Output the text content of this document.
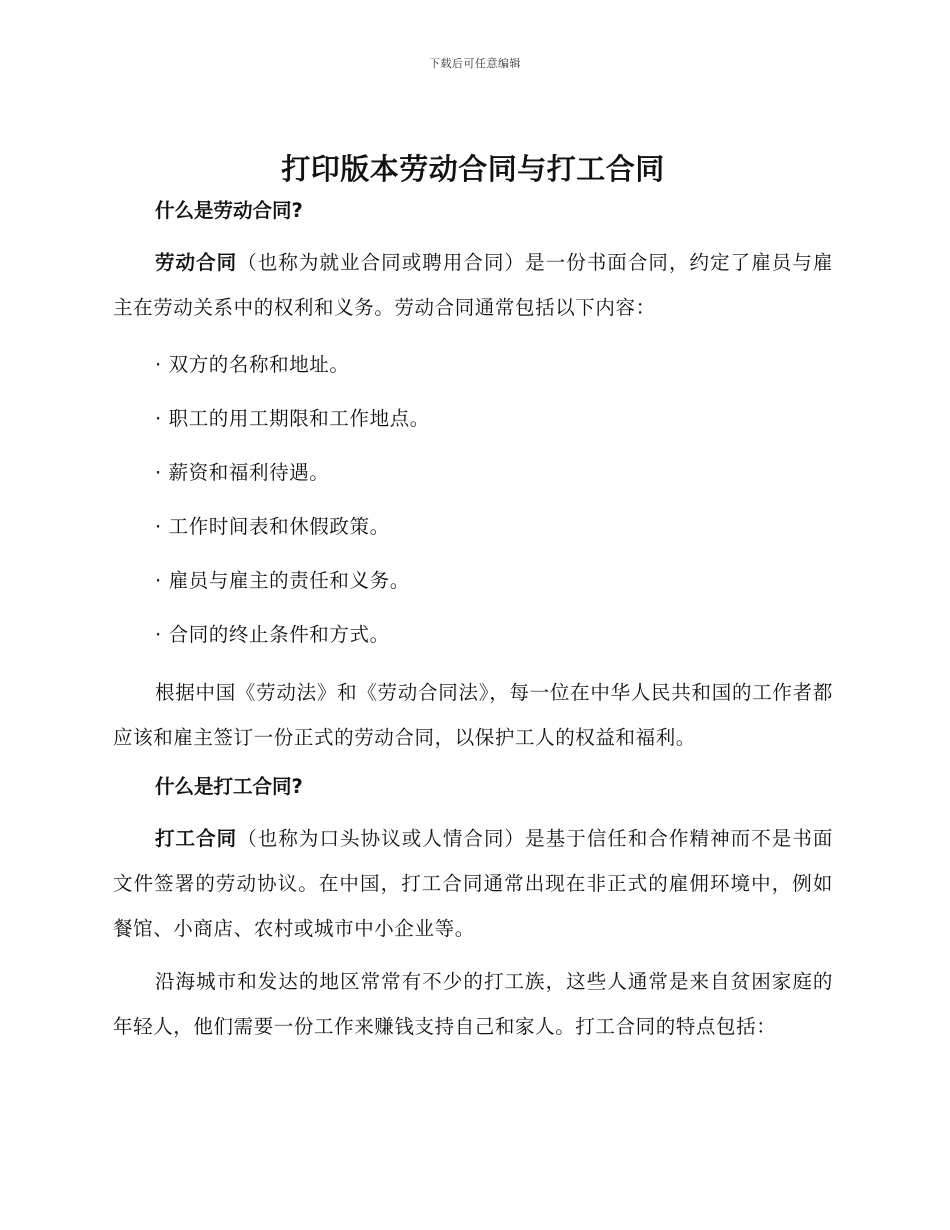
下载后可任意编辑
打印版本劳动合同与打工合同
什么是劳动合同?

劳动合同（也称为就业合同或聘用合同）是一份书面合同，约定了雇员与雇主在劳动关系中的权利和义务。劳动合同通常包括以下内容：

· 双方的名称和地址。
· 职工的用工期限和工作地点。
· 薪资和福利待遇。
· 工作时间表和休假政策。
· 雇员与雇主的责任和义务。
· 合同的终止条件和方式。

根据中国《劳动法》和《劳动合同法》，每一位在中华人民共和国的工作者都应该和雇主签订一份正式的劳动合同，以保护工人的权益和福利。

什么是打工合同?

打工合同（也称为口头协议或人情合同）是基于信任和合作精神而不是书面文件签署的劳动协议。在中国，打工合同通常出现在非正式的雇佣环境中，例如餐馆、小商店、农村或城市中小企业等。

沿海城市和发达的地区常常有不少的打工族，这些人通常是来自贫困家庭的年轻人，他们需要一份工作来赚钱支持自己和家人。打工合同的特点包括：
